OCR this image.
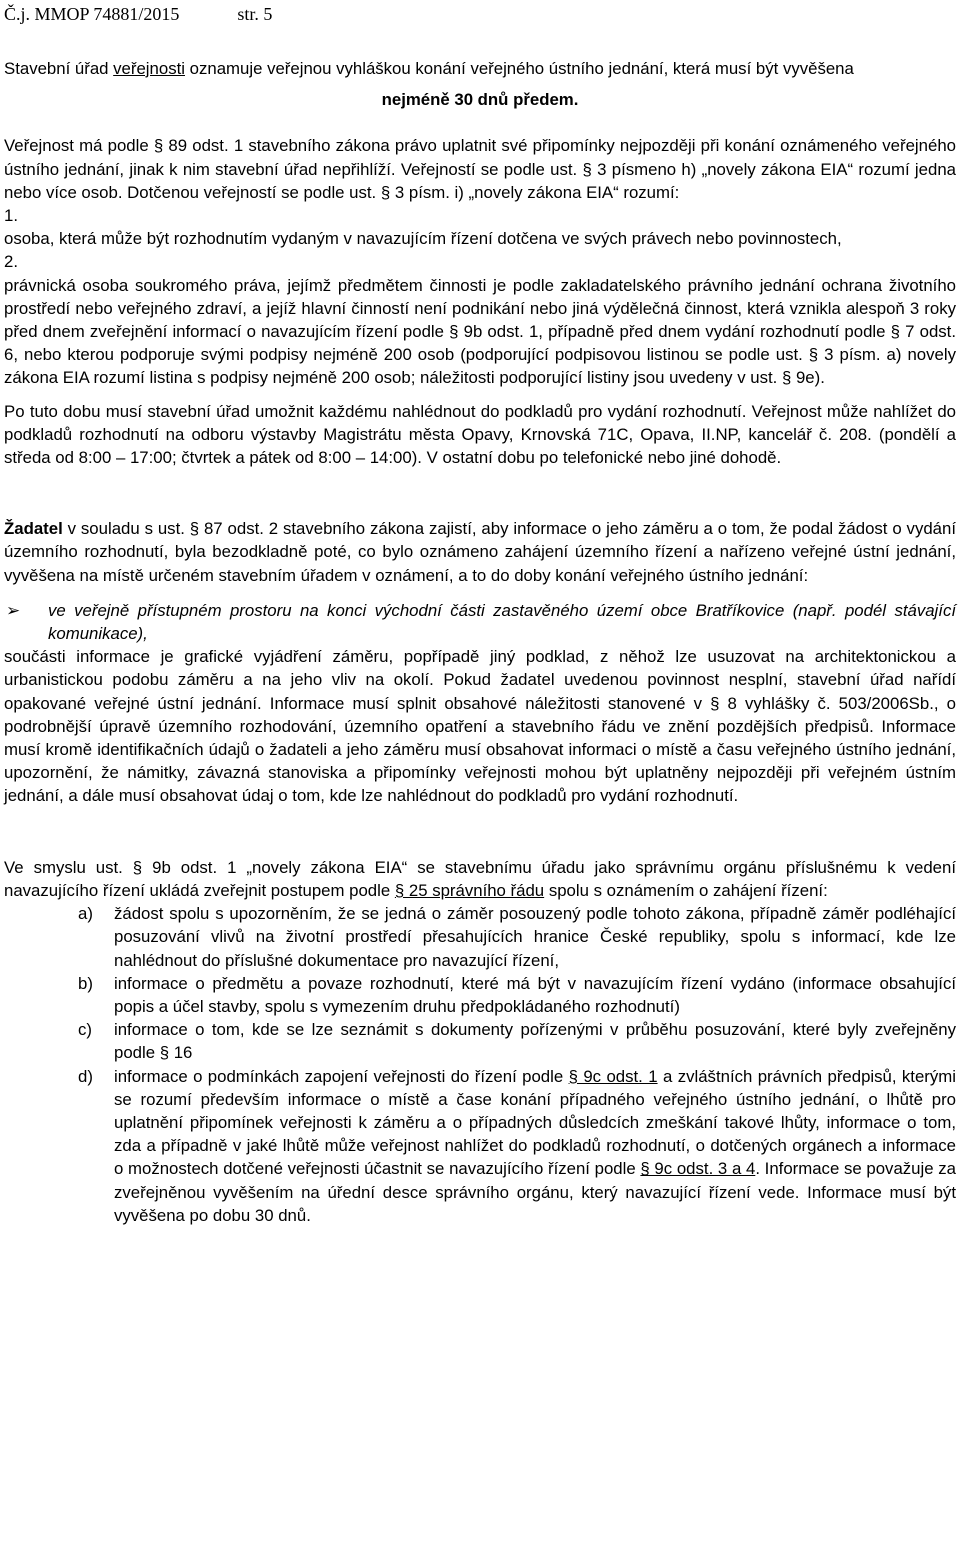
Č.j. MMOP 74881/2015	str. 5

Stavební úřad veřejnosti oznamuje veřejnou vyhláškou konání veřejného ústního jednání, která musí být vyvěšena

nejméně 30 dnů předem.

Veřejnost má podle § 89 odst. 1 stavebního zákona právo uplatnit své připomínky nejpozději při konání oznámeného veřejného ústního jednání, jinak k nim stavební úřad nepřihlíží. Veřejností se podle ust. § 3 písmeno h) „novely zákona EIA“ rozumí jedna nebo více osob. Dotčenou veřejností se podle ust. § 3 písm. i) „novely zákona EIA“ rozumí:

1.
osoba, která může být rozhodnutím vydaným v navazujícím řízení dotčena ve svých právech nebo povinnostech,
2.
právnická osoba soukromého práva, jejímž předmětem činnosti je podle zakladatelského právního jednání ochrana životního prostředí nebo veřejného zdraví, a jejíž hlavní činností není podnikání nebo jiná výdělečná činnost, která vznikla alespoň 3 roky před dnem zveřejnění informací o navazujícím řízení podle § 9b odst. 1, případně před dnem vydání rozhodnutí podle § 7 odst. 6, nebo kterou podporuje svými podpisy nejméně 200 osob (podporující podpisovou listinou se podle ust. § 3 písm. a) novely zákona EIA rozumí listina s podpisy nejméně 200 osob; náležitosti podporující listiny jsou uvedeny v ust. § 9e).

Po tuto dobu musí stavební úřad umožnit každému nahlédnout do podkladů pro vydání rozhodnutí. Veřejnost může nahlížet do podkladů rozhodnutí na odboru výstavby Magistrátu města Opavy, Krnovská 71C, Opava, II.NP, kancelář č. 208. (pondělí a středa od 8:00 – 17:00; čtvrtek a pátek od 8:00 – 14:00). V ostatní dobu po telefonické nebo jiné dohodě.

Žadatel v souladu s ust. § 87 odst. 2 stavebního zákona zajistí, aby informace o jeho záměru a o tom, že podal žádost o vydání územního rozhodnutí, byla bezodkladně poté, co bylo oznámeno zahájení územního řízení a nařízeno veřejné ústní jednání, vyvěšena na místě určeném stavebním úřadem v oznámení, a to do doby konání veřejného ústního jednání:

➢	ve veřejně přístupném prostoru na konci východní části zastavěného území obce Bratříkovice (např. podél stávající komunikace),

součásti informace je grafické vyjádření záměru, popřípadě jiný podklad, z něhož lze usuzovat na architektonickou a urbanistickou podobu záměru a na jeho vliv na okolí. Pokud žadatel uvedenou povinnost nesplní, stavební úřad nařídí opakované veřejné ústní jednání. Informace musí splnit obsahové náležitosti stanovené v § 8 vyhlášky č. 503/2006Sb., o podrobnější úpravě územního rozhodování, územního opatření a stavebního řádu ve znění pozdějších předpisů. Informace musí kromě identifikačních údajů o žadateli a jeho záměru musí obsahovat informaci o místě a času veřejného ústního jednání, upozornění, že námitky, závazná stanoviska a připomínky veřejnosti mohou být uplatněny nejpozději při veřejném ústním jednání, a dále musí obsahovat údaj o tom, kde lze nahlédnout do podkladů pro vydání rozhodnutí.

Ve smyslu ust. § 9b odst. 1 „novely zákona EIA“ se stavebnímu úřadu jako správnímu orgánu příslušnému k vedení navazujícího řízení ukládá zveřejnit postupem podle § 25 správního řádu spolu s oznámením o zahájení řízení:

a)	žádost spolu s upozorněním, že se jedná o záměr posouzený podle tohoto zákona, případně záměr podléhající posuzování vlivů na životní prostředí přesahujících hranice České republiky, spolu s informací, kde lze nahlédnout do příslušné dokumentace pro navazující řízení,
b)	informace o předmětu a povaze rozhodnutí, které má být v navazujícím řízení vydáno (informace obsahující popis a účel stavby, spolu s vymezením druhu předpokládaného rozhodnutí)
c)	informace o tom, kde se lze seznámit s dokumenty pořízenými v průběhu posuzování, které byly zveřejněny podle § 16
d)	informace o podmínkách zapojení veřejnosti do řízení podle § 9c odst. 1 a zvláštních právních předpisů, kterými se rozumí především informace o místě a čase konání případného veřejného ústního jednání, o lhůtě pro uplatnění připomínek veřejnosti k záměru a o případných důsledcích zmeškání takové lhůty, informace o tom, zda a případně v jaké lhůtě může veřejnost nahlížet do podkladů rozhodnutí, o dotčených orgánech a informace o možnostech dotčené veřejnosti účastnit se navazujícího řízení podle § 9c odst. 3 a 4. Informace se považuje za zveřejněnou vyvěšením na úřední desce správního orgánu, který navazující řízení vede. Informace musí být vyvěšena po dobu 30 dnů.
